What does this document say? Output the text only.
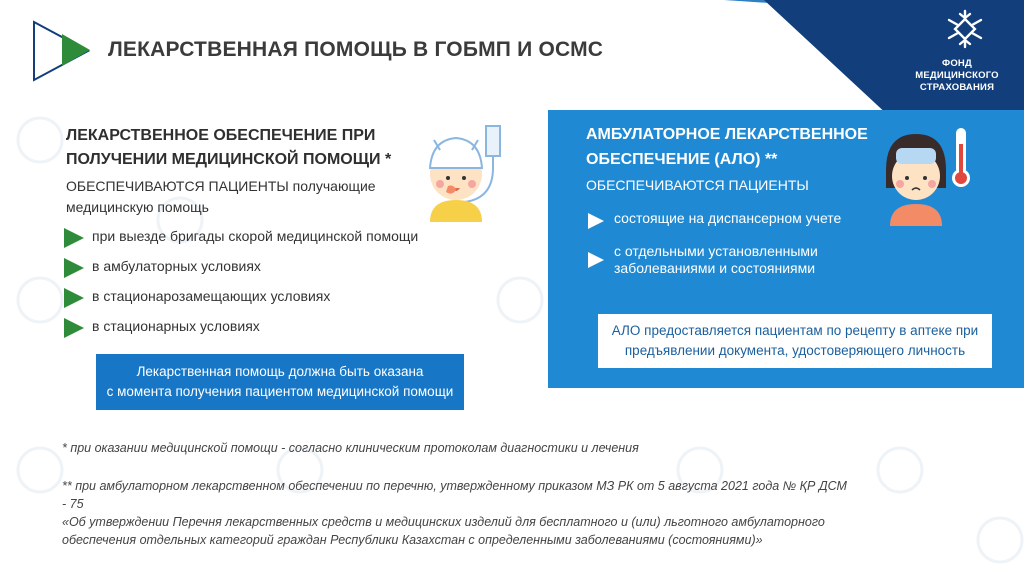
ФОНД
МЕДИЦИНСКОГО
СТРАХОВАНИЯ
ЛЕКАРСТВЕННАЯ ПОМОЩЬ В ГОБМП И ОСМС
ЛЕКАРСТВЕННОЕ ОБЕСПЕЧЕНИЕ ПРИ
ПОЛУЧЕНИИ МЕДИЦИНСКОЙ ПОМОЩИ *
ОБЕСПЕЧИВАЮТСЯ ПАЦИЕНТЫ получающие
медицинскую помощь
при выезде бригады скорой медицинской помощи
в амбулаторных условиях
в стационарозамещающих условиях
в стационарных условиях
Лекарственная помощь должна быть оказана
с момента получения пациентом медицинской помощи
АМБУЛАТОРНОЕ ЛЕКАРСТВЕННОЕ
ОБЕСПЕЧЕНИЕ (АЛО) **
ОБЕСПЕЧИВАЮТСЯ ПАЦИЕНТЫ
состоящие на диспансерном учете
с отдельными установленными
заболеваниями и состояниями
АЛО предоставляется пациентам по рецепту в аптеке при
предъявлении документа, удостоверяющего личность
* при оказании медицинской помощи - согласно клиническим протоколам диагностики и лечения
** при амбулаторном лекарственном обеспечении по перечню, утвержденному приказом МЗ РК от 5 августа 2021 года № ҚР ДСМ - 75
«Об утверждении Перечня лекарственных средств и медицинских изделий для бесплатного и (или) льготного амбулаторного
обеспечения отдельных категорий граждан Республики Казахстан с определенными заболеваниями (состояниями)»
